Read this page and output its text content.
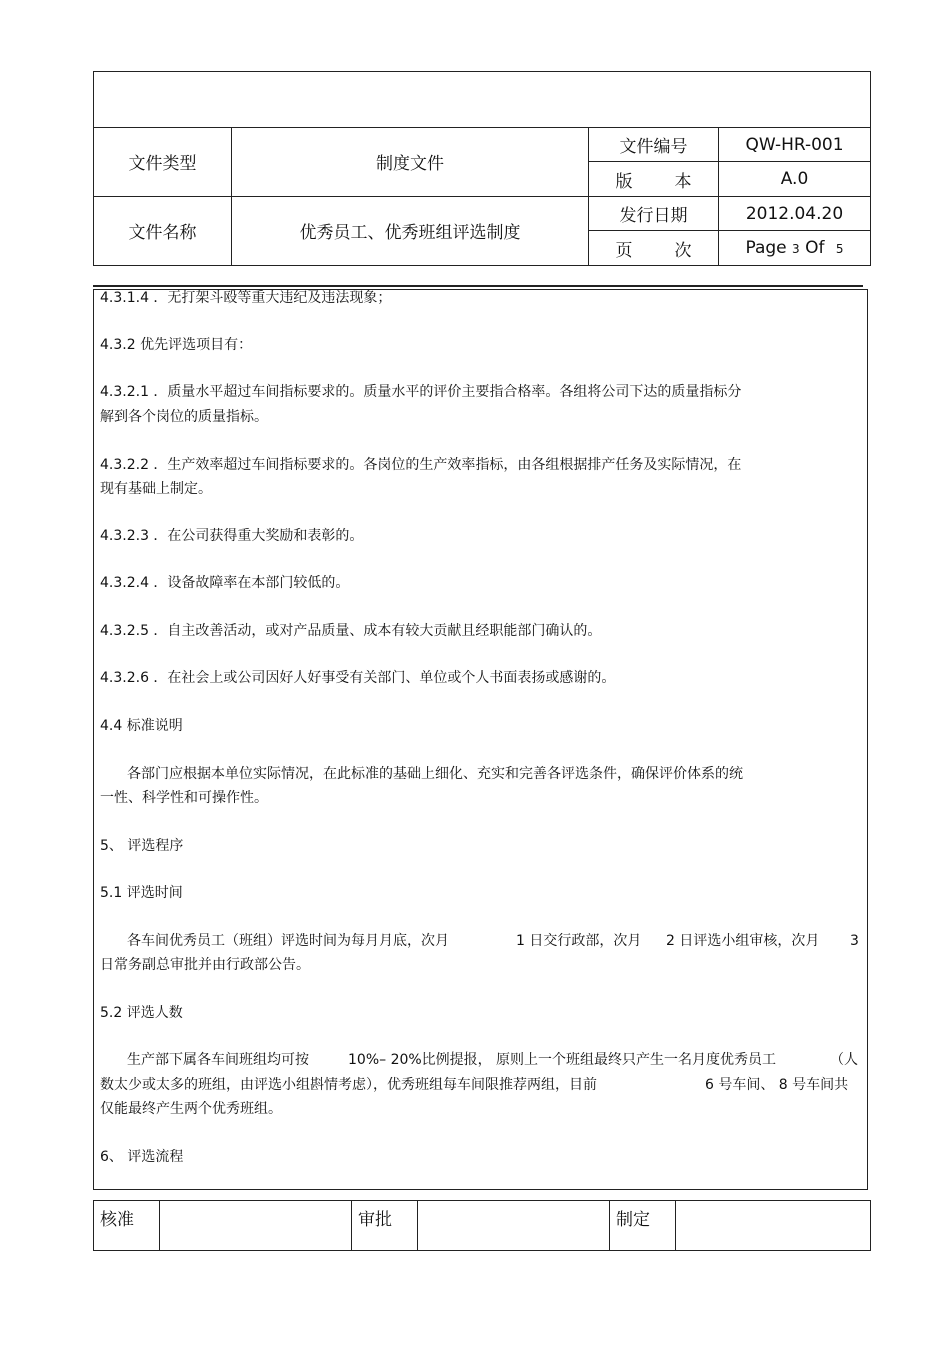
文件类型	制度文件	文件编号	QW-HR-001
		版 本	A.0
文件名称	优秀员工、优秀班组评选制度	发行日期	2012.04.20
		页 次	Page 3 Of 5
4.3.1.4 ．无打架斗殴等重大违纪及违法现象；
4.3.2 优先评选项目有：
4.3.2.1 ．质量水平超过车间指标要求的。质量水平的评价主要指合格率。各组将公司下达的质量指标分
解到各个岗位的质量指标。
4.3.2.2 ．生产效率超过车间指标要求的。各岗位的生产效率指标，由各组根据排产任务及实际情况，在
现有基础上制定。
4.3.2.3 ．在公司获得重大奖励和表彰的。
4.3.2.4 ．设备故障率在本部门较低的。
4.3.2.5 ．自主改善活动，或对产品质量、成本有较大贡献且经职能部门确认的。
4.3.2.6 ．在社会上或公司因好人好事受有关部门、单位或个人书面表扬或感谢的。
4.4 标准说明
各部门应根据本单位实际情况，在此标准的基础上细化、充实和完善各评选条件，确保评价体系的统
一性、科学性和可操作性。
5、 评选程序
5.1 评选时间
各车间优秀员工（班组）评选时间为每月月底，次月	1 日交行政部，次月 2 日评选小组审核，次月 3
日常务副总审批并由行政部公告。
5.2 评选人数
生产部下属各车间班组均可按	10%– 20%比例提报， 原则上一个班组最终只产生一名月度优秀员工	（人
数太少或太多的班组，由评选小组斟情考虑），优秀班组每车间限推荐两组，目前	6 号车间、 8 号车间共
仅能最终产生两个优秀班组。
6、 评选流程
核准		审批		制定	
